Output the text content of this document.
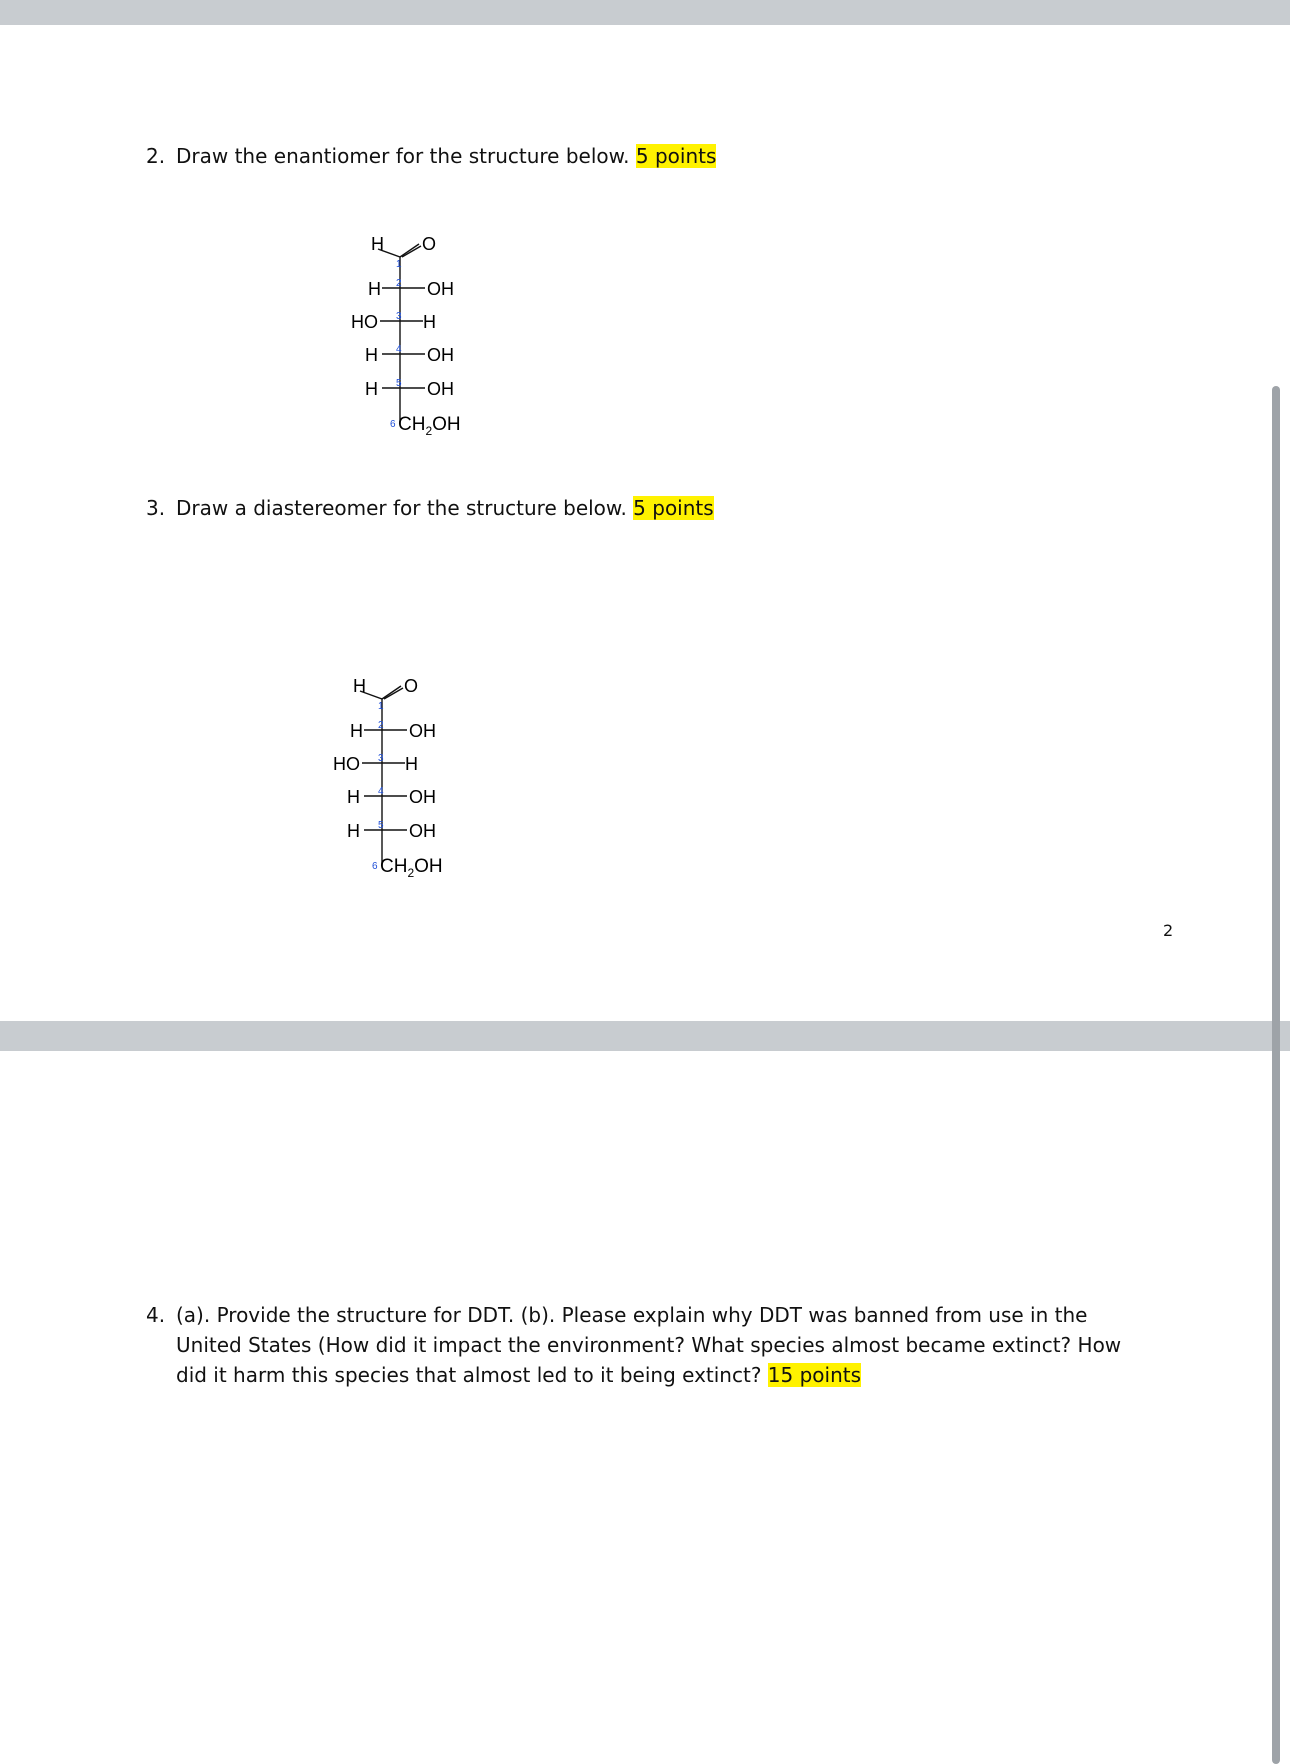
2. Draw the enantiomer for the structure below. 5 points
H O
1
H	OH
2
HO	H
3
H	OH
4
H	OH
5
6 $CH_2OH$
3. Draw a diastereomer for the structure below. 5 points
H O
1
H	OH
2
HO	H
3
H	OH
4
H	OH
5
6 $CH_2OH$
2
4. (a). Provide the structure for DDT. (b). Please explain why DDT was banned from use in the United States (How did it impact the environment? What species almost became extinct? How did it harm this species that almost led to it being extinct? 15 points
